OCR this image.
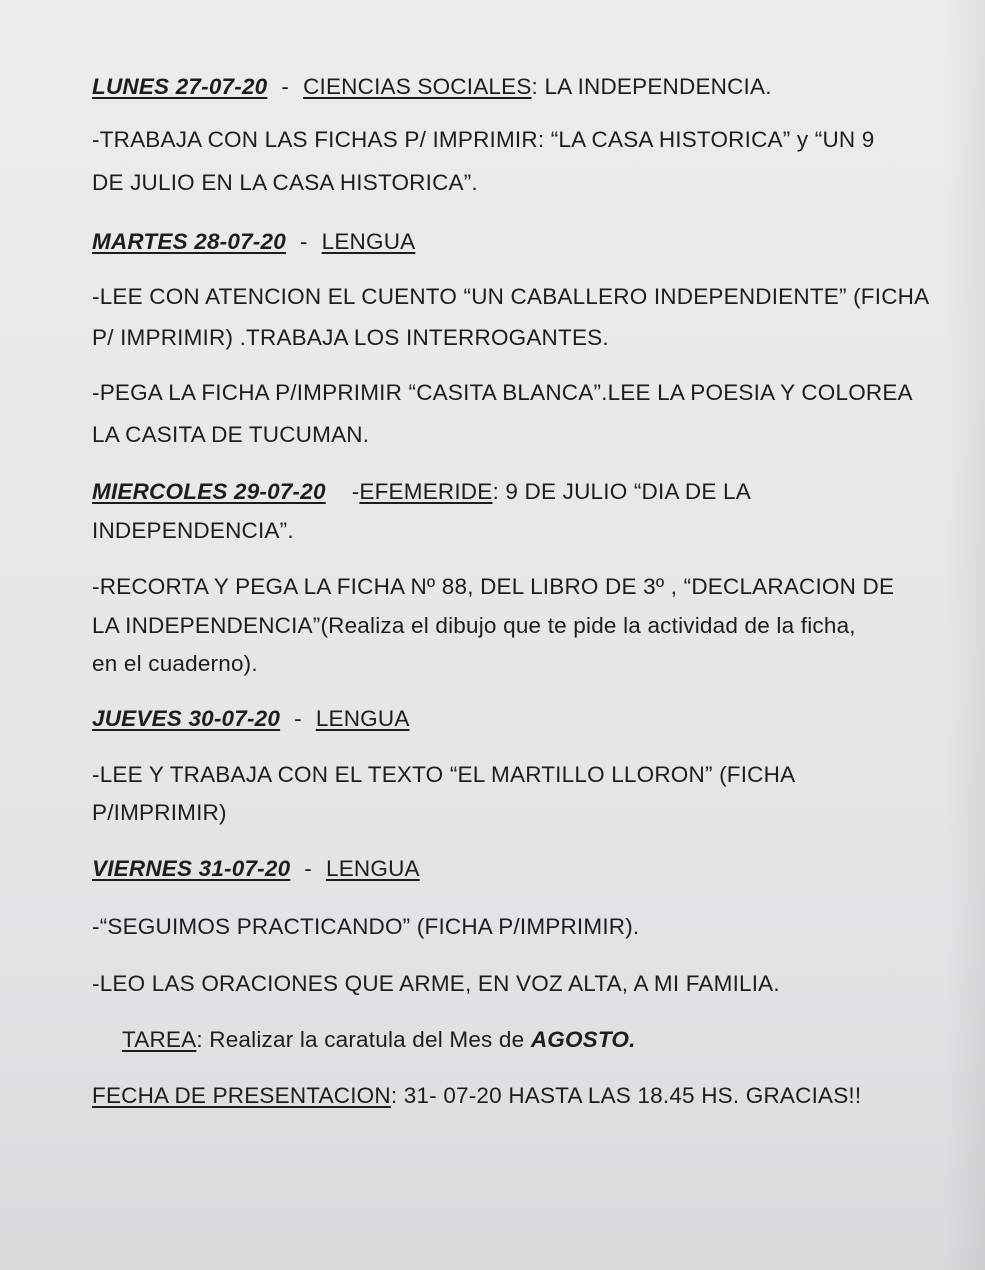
LUNES 27-07-20 - CIENCIAS SOCIALES: LA INDEPENDENCIA.

-TRABAJA CON LAS FICHAS P/ IMPRIMIR: “LA CASA HISTORICA” y “UN 9

DE JULIO EN LA CASA HISTORICA”.

MARTES 28-07-20 - LENGUA

-LEE CON ATENCION EL CUENTO “UN CABALLERO INDEPENDIENTE” (FICHA

P/ IMPRIMIR) .TRABAJA LOS INTERROGANTES.

-PEGA LA FICHA P/IMPRIMIR “CASITA BLANCA”.LEE LA POESIA Y COLOREA

LA CASITA DE TUCUMAN.

MIERCOLES 29-07-20 -EFEMERIDE: 9 DE JULIO “DIA DE LA

INDEPENDENCIA”.

-RECORTA Y PEGA LA FICHA Nº 88, DEL LIBRO DE 3º , “DECLARACION DE

LA INDEPENDENCIA”(Realiza el dibujo que te pide la actividad de la ficha,

en el cuaderno).

JUEVES 30-07-20 - LENGUA

-LEE Y TRABAJA CON EL TEXTO “EL MARTILLO LLORON” (FICHA

P/IMPRIMIR)

VIERNES 31-07-20 - LENGUA

-“SEGUIMOS PRACTICANDO” (FICHA P/IMPRIMIR).

-LEO LAS ORACIONES QUE ARME, EN VOZ ALTA, A MI FAMILIA.

TAREA: Realizar la caratula del Mes de AGOSTO.

FECHA DE PRESENTACION: 31- 07-20 HASTA LAS 18.45 HS. GRACIAS!!
